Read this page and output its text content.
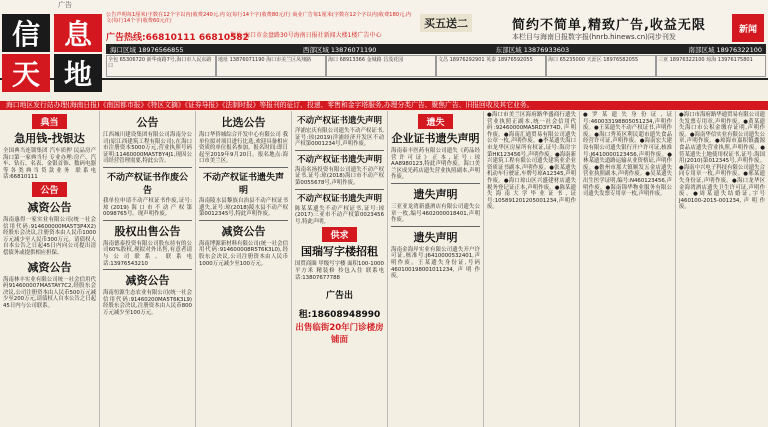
广告
信 息
天 地
公告声明每1厘米(字数在12个字以内)收费240元,内文(每行14个字)收费80元/行 商业广告每1厘米(字数在12个字以内)收费180元,内文(每行14个字)收费60元/行
广告热线:66810111 66810582
地址:海口市金盘路30号海南日报社新闻大楼1楼广告中心
买五送二	简约不简单,精致广告,收益无限
本栏目与海南日报数字报(hnrb.hinews.cn)同步刊发
新闻
海口区域 18976566855	西部区域 13876071190	东部区域 13876933603	南部区域 18976322100
全包 65306720 新华南路7号,海口市人民东路口
地址 13876071190 海口市美兰区凤翔路	海口 68913366 金城路 昌茂花园	文昌 18976292901 英泰 18976592055	海口 65235000 天涯区 18976582055	三亚 18976322100 琼海 13976175801
海口地区发行站办理(海南日报)《南国都市报》《特区文摘》《证券导报》《法制时报》等报刊的征订、投递、零售和金字塔服务,办理分类广告、聚焦广告、旧报回收及其它业务。
典当
急用钱-找银达
全国典当连锁集团 汽车质押 民品房产 海口第一家典当行 专业办理:房产、汽车、钻石、名表、金银首饰、数码电器等各类典当贷款业务 联系电话:66810111
公告
减资公告
海南惠得一家实业有限公司(统一社会信用代码:914600000MA5T3P4X2)经股东会决议,注册资本由人民币1000万元减少至人民币300万元。请债权人自本公告之日起45日内向公司提出清偿债务或提供相应担保。
减资公告
海南林丰实业有限公司统一社会信用代码914600007MA5TAY7C2,经股东会决议,公司注册资本由人民币500万元减少至200万元,请债权人自本公告之日起45日内与公司联系。
公告
江西城川建设集团有限公司海南分公司(原江西建筑工程有限公司),在海口市注册资本5000万元,营业执照号码证明:11460000MA5T8Y4J1,现因公司经营管理需要,特此公告。
不动产权证书作废公告
我单位申请不动产权证书作废,证号:琼(2019)海口市不动产权第0098765号。现声明作废。
股权出售公告
海南德泰投资有限公司股东持有的公司60%股权,现拟对外出售,有意者请与公司联系。联系电话:13976543210
减资公告
海南恒源生态农业有限公司(统一社会信用代码:91460200MA5T6K3L9)经股东会决议,注册资本由人民币800万元减少至100万元。
比选公告
海口华侨城综合开发中心有限公司 我单位拟对项目进行比选,欢迎具备相应资质的单位报名参加。报名时间:即日起至2019年9月20日。报名地点:海口市美兰区。
不动产权证书遗失声明
海南陵水县黎族自治县不动产权证书遗失,证号:琼(2018)陵水县不动产权第0012345号,特此声明作废。
减资公告
海南博源新材料有限公司(统一社会信用代码:914600008R5T6K3L0),经股东会决议,公司注册资本由人民币1000万元减少至100万元。
不动产权证书遗失声明
洋浦宏庆有限公司遗失不动产权证书,证号:琼(2019)洋浦经济开发区不动产权第0001234号,声明作废。
不动产权证书遗失声明
海南名扬投资有限公司遗失不动产权证书,证号:琼(2018)海口市不动产权第0055678号,声明作废。
不动产权证书遗失声明
陈某某遗失不动产权证书,证号:琼(2017)三亚市不动产权第0023456号,特此声明。
供求
国瑞写字楼招租
国贸商圈 甲级写字楼 面积100-1000平方米 精装修 拎包入住 联系电话:13807677788
广告出租:18608948990
出售临街20年门诊楼房铺面
遗失
企业证书遗失声明
海南泰丰医药有限公司遗失《药品经营许可证》正本,证号:琼AA8980123,特此声明作废。海口美兰区成光药店遗失营业执照副本,声明作废。
遗失声明
三亚亚龙湾新盛酒店有限公司遗失公章一枚,编号4602000018401,声明作废。
遗失声明
海南金海岸实业有限公司遗失开户许可证,核准号:J6410000532401,声明作废。王某遗失身份证,号码460100198001011234,声明作废。
●海口市美兰区海府路华盛商行遗失营业执照正副本,统一社会信用代码:92460000MA5RD3Y74D,声明作废。●海南汇通贸易有限公司遗失公章一枚,声明作废。●李某遗失海口市龙华区房屋所有权证,证号:海房字第HK123456号,声明作废。●海南新兴建筑工程有限公司遗失建筑业企业资质证书副本,声明作废。●张某遗失机动车行驶证,车牌号琼A12345,声明作废。●海口琼山区兴盛建材店遗失税务登记证正本,声明作废。●陈某遗失海南大学毕业证书,证号:105891201205001234,声明作废。
●罗某遗失身份证,证号:460033198805051234,声明作废。●王某遗失不动产权证书,声明作废。●海口秀英区利民超市遗失食品经营许可证,声明作废。●海南宏大建设有限公司遗失银行开户许可证,核准号:J6410000123456,声明作废。●林某遗失道路运输从业资格证,声明作废。●儋州市那大镇顺发五金店遗失营业执照副本,声明作废。●吴某遗失出生医学证明,编号:N460123456,声明作废。●海南锦华物业服务有限公司遗失发票专用章一枚,声明作废。
●海口市海府路华通贸易有限公司遗失发票专用章,声明作废。●黄某遗失海口市公积金缴存证明,声明作废。●海南华信实业有限公司遗失公章,声明作废。●琼海市嘉积镇鑫源食品店遗失营业执照,声明作废。●符某遗失土地使用权证书,证号:海国用(2010)第012345号,声明作废。●海南中兴电子科技有限公司遗失合同专用章一枚,声明作废。●邢某遗失身份证,声明作废。●海口龙华区金海湾酒店遗失卫生许可证,声明作废。●周某遗失结婚证,字号J460100-2015-001234,声明作废。
